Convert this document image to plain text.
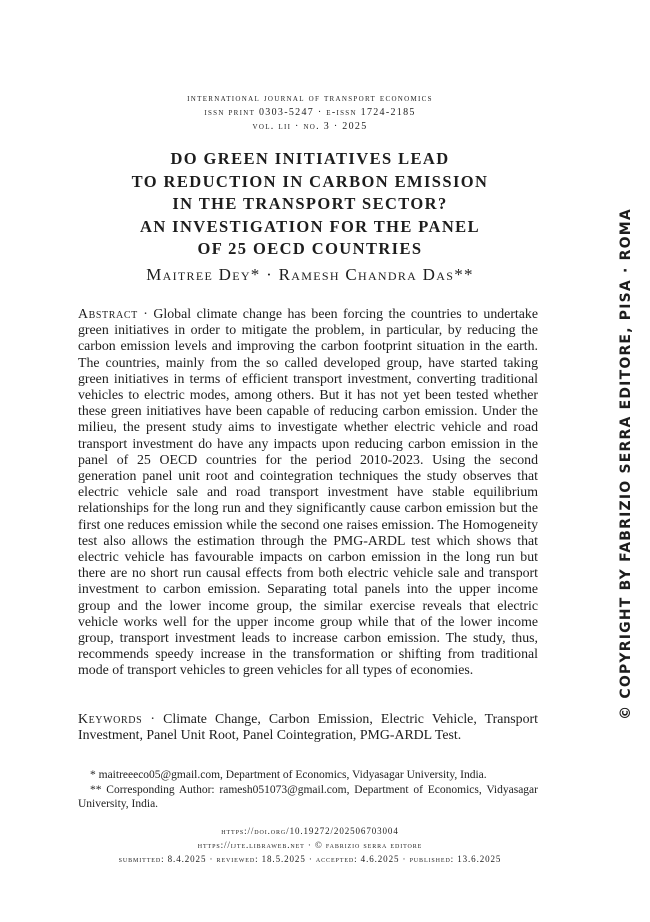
international journal of transport economics
issn print 0303-5247 · e-issn 1724-2185
vol. lii · no. 3 · 2025
DO GREEN INITIATIVES LEAD
TO REDUCTION IN CARBON EMISSION
IN THE TRANSPORT SECTOR?
AN INVESTIGATION FOR THE PANEL
OF 25 OECD COUNTRIES
Maitree Dey* · Ramesh Chandra Das**
Abstract · Global climate change has been forcing the countries to undertake green initiatives in order to mitigate the problem, in particular, by reducing the carbon emission levels and improving the carbon footprint situation in the earth. The countries, mainly from the so called developed group, have started taking green initiatives in terms of efficient transport investment, converting traditional vehicles to electric modes, among others. But it has not yet been tested whether these green initiatives have been capable of reducing carbon emission. Under the milieu, the present study aims to investigate whether electric vehicle and road transport investment do have any impacts upon reducing carbon emission in the panel of 25 OECD countries for the period 2010-2023. Using the second generation panel unit root and cointegration techniques the study observes that electric vehicle sale and road transport investment have stable equilibrium relationships for the long run and they significantly cause carbon emission but the first one reduces emission while the second one raises emission. The Homogeneity test also allows the estimation through the PMG-ARDL test which shows that electric vehicle has favourable impacts on carbon emission in the long run but there are no short run causal effects from both electric vehicle sale and transport investment to carbon emission. Separating total panels into the upper income group and the lower income group, the similar exercise reveals that electric vehicle works well for the upper income group while that of the lower income group, transport investment leads to increase carbon emission. The study, thus, recommends speedy increase in the transformation or shifting from traditional mode of transport vehicles to green vehicles for all types of economies.
Keywords · Climate Change, Carbon Emission, Electric Vehicle, Transport Investment, Panel Unit Root, Panel Cointegration, PMG-ARDL Test.
* maitreeeco05@gmail.com, Department of Economics, Vidyasagar University, India.
** Corresponding Author: ramesh051073@gmail.com, Department of Economics, Vidyasagar University, India.
https://doi.org/10.19272/202506703004
https://ijte.libraweb.net · © fabrizio serra editore
submitted: 8.4.2025 · reviewed: 18.5.2025 · accepted: 4.6.2025 · published: 13.6.2025
© COPYRIGHT BY FABRIZIO SERRA EDITORE, PISA · ROMA
